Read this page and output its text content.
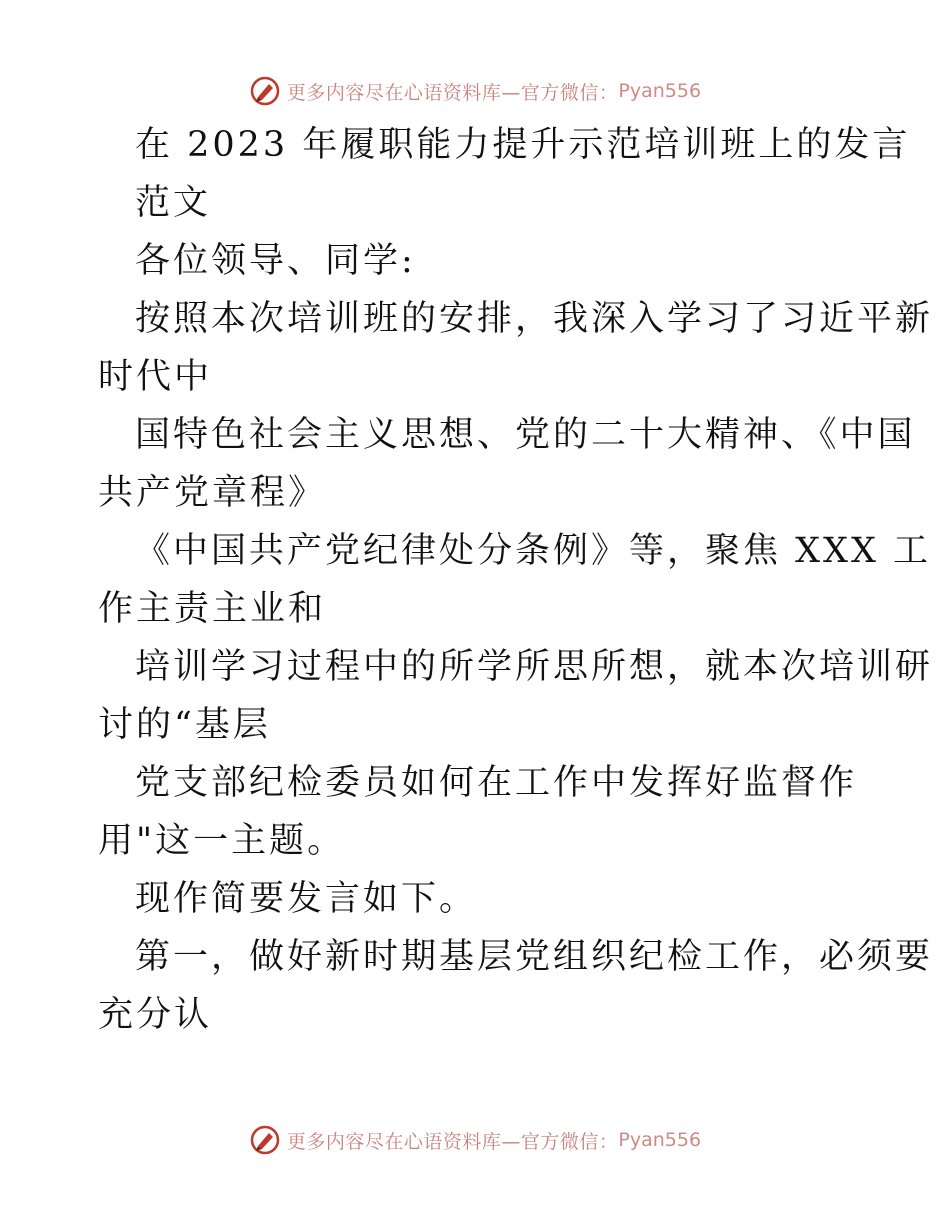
更多内容尽在心语资料库—官方微信： Pyan556
在 2023 年履职能力提升示范培训班上的发言
范文
各位领导、同学:
按照本次培训班的安排，我深入学习了习近平新
时代中
国特色社会主义思想、党的二十大精神、《中国
共产党章程》
《中国共产党纪律处分条例》等，聚焦 XXX 工
作主责主业和
培训学习过程中的所学所思所想，就本次培训研
讨的“基层
党支部纪检委员如何在工作中发挥好监督作
用"这一主题。
现作简要发言如下。
第一，做好新时期基层党组织纪检工作，必须要
充分认
更多内容尽在心语资料库—官方微信： Pyan556
